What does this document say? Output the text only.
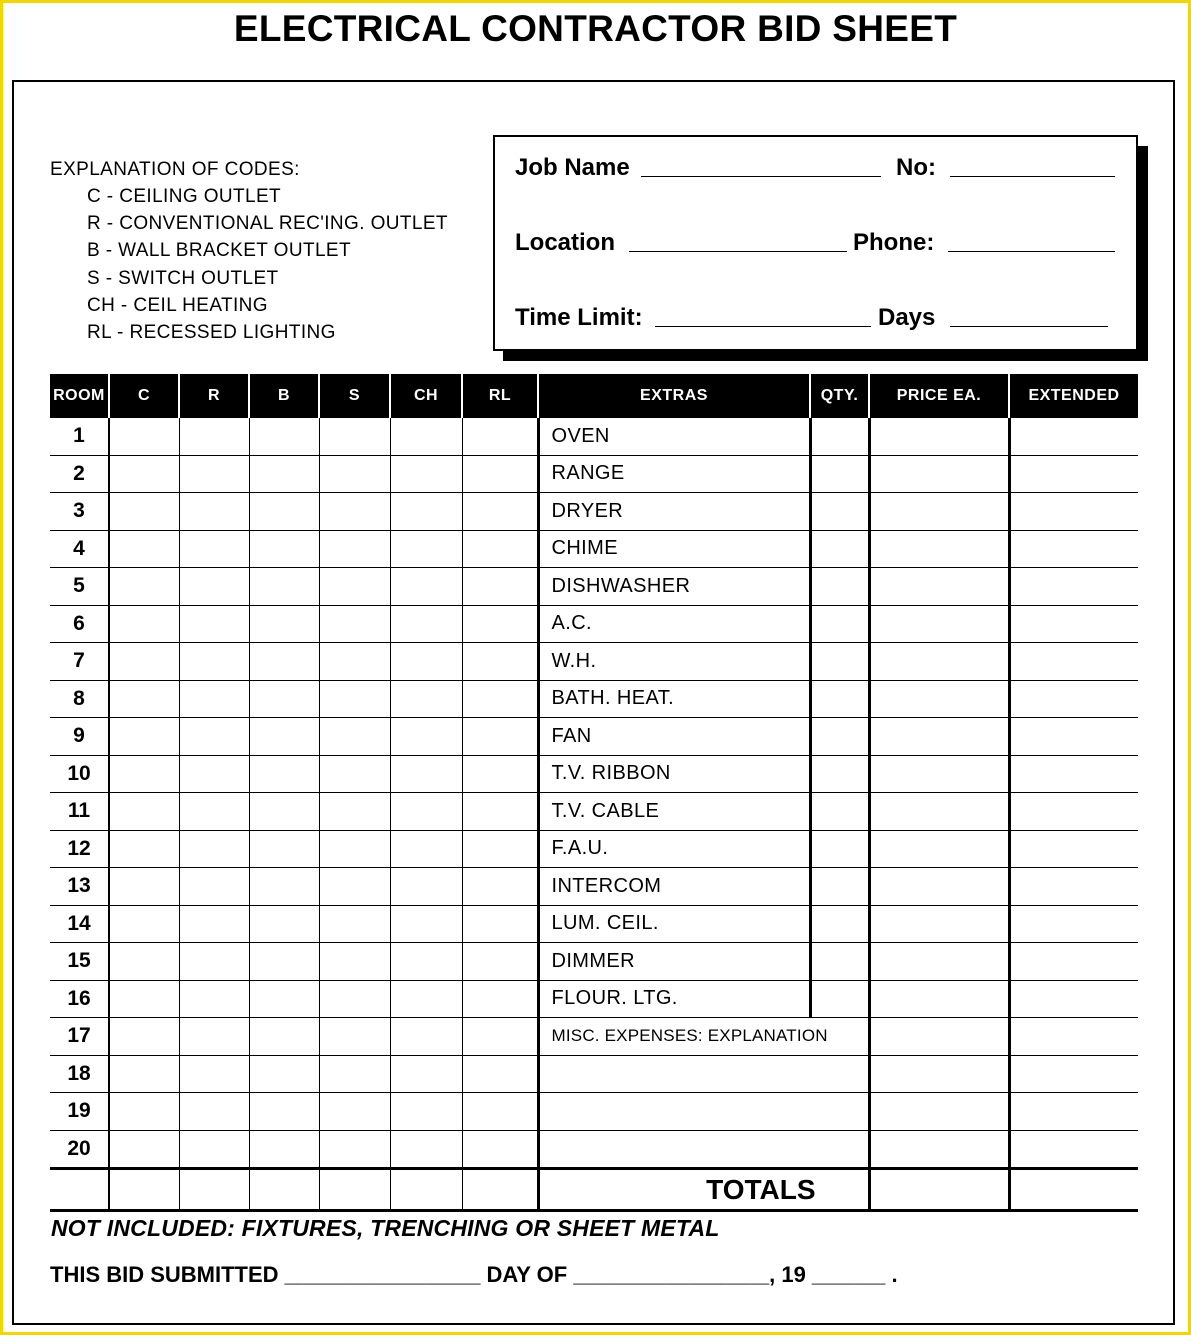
ELECTRICAL CONTRACTOR BID SHEET
EXPLANATION OF CODES:
C - CEILING OUTLET
R - CONVENTIONAL REC'ING. OUTLET
B - WALL BRACKET OUTLET
S - SWITCH OUTLET
CH - CEIL HEATING
RL - RECESSED LIGHTING
Job Name	No:
Location	Phone:
Time Limit:	Days
ROOM	C	R	B	S	CH	RL	EXTRAS	QTY.	PRICE EA.	EXTENDED
1							OVEN			
2							RANGE			
3							DRYER			
4							CHIME			
5							DISHWASHER			
6							A.C.			
7							W.H.			
8							BATH. HEAT.			
9							FAN			
10							T.V. RIBBON			
11							T.V. CABLE			
12							F.A.U.			
13							INTERCOM			
14							LUM. CEIL.			
15							DIMMER			
16							FLOUR. LTG.			
17							MISC. EXPENSES: EXPLANATION			
18										
19										
20										
							TOTALS			
NOT INCLUDED: FIXTURES, TRENCHING OR SHEET METAL
THIS BID SUBMITTED ________________ DAY OF ________________, 19 ______ .
